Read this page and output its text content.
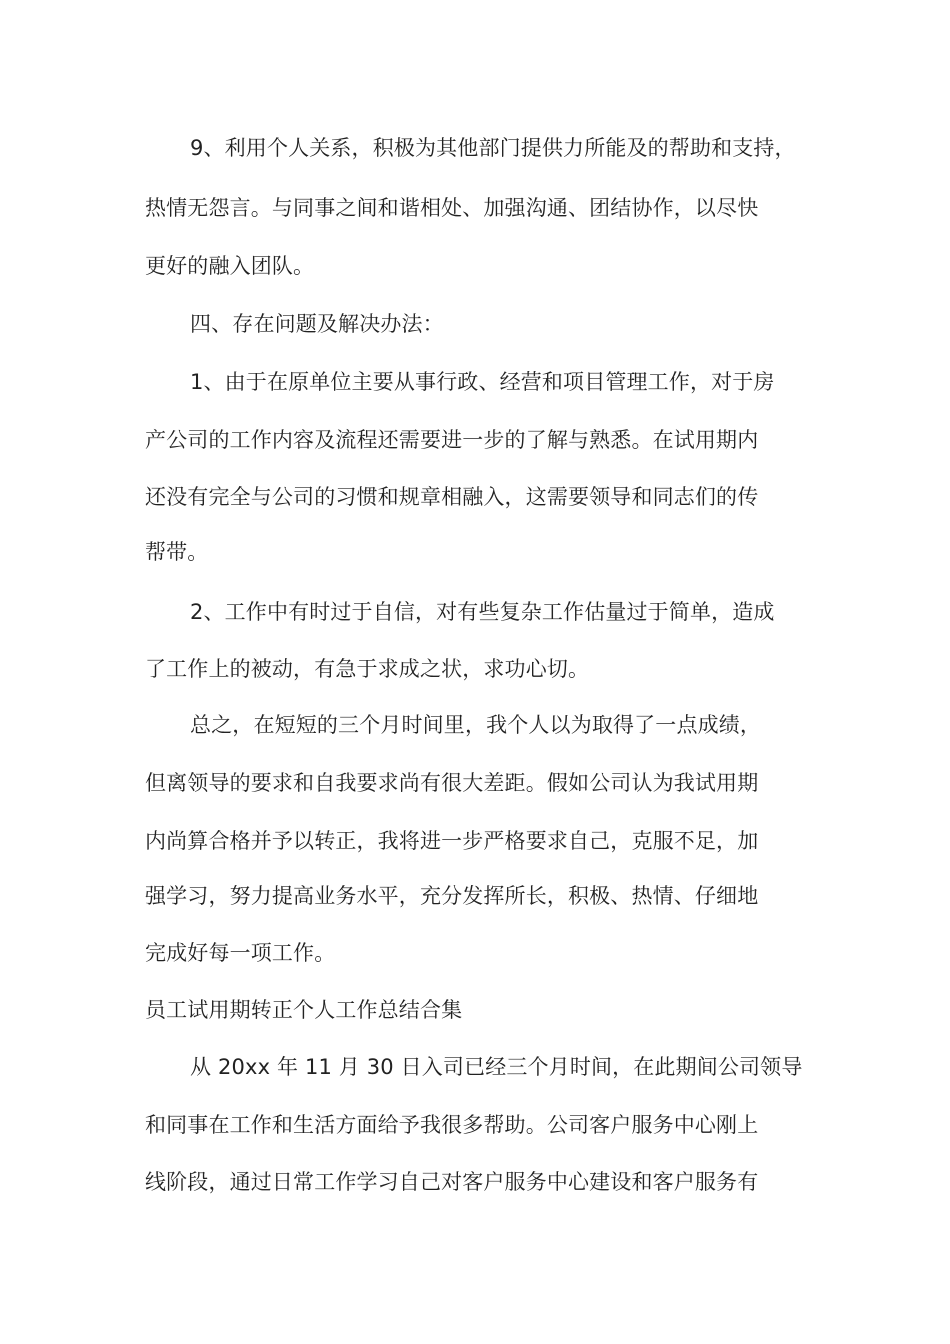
9、利用个人关系，积极为其他部门提供力所能及的帮助和支持，

热情无怨言。与同事之间和谐相处、加强沟通、团结协作，以尽快

更好的融入团队。

四、存在问题及解决办法：

1、由于在原单位主要从事行政、经营和项目管理工作，对于房

产公司的工作内容及流程还需要进一步的了解与熟悉。在试用期内

还没有完全与公司的习惯和规章相融入，这需要领导和同志们的传

帮带。

2、工作中有时过于自信，对有些复杂工作估量过于简单，造成

了工作上的被动，有急于求成之状，求功心切。

总之，在短短的三个月时间里，我个人以为取得了一点成绩，

但离领导的要求和自我要求尚有很大差距。假如公司认为我试用期

内尚算合格并予以转正，我将进一步严格要求自己，克服不足，加

强学习，努力提高业务水平，充分发挥所长，积极、热情、仔细地

完成好每一项工作。

员工试用期转正个人工作总结合集

从 20xx 年 11 月 30 日入司已经三个月时间，在此期间公司领导

和同事在工作和生活方面给予我很多帮助。公司客户服务中心刚上

线阶段，通过日常工作学习自己对客户服务中心建设和客户服务有
